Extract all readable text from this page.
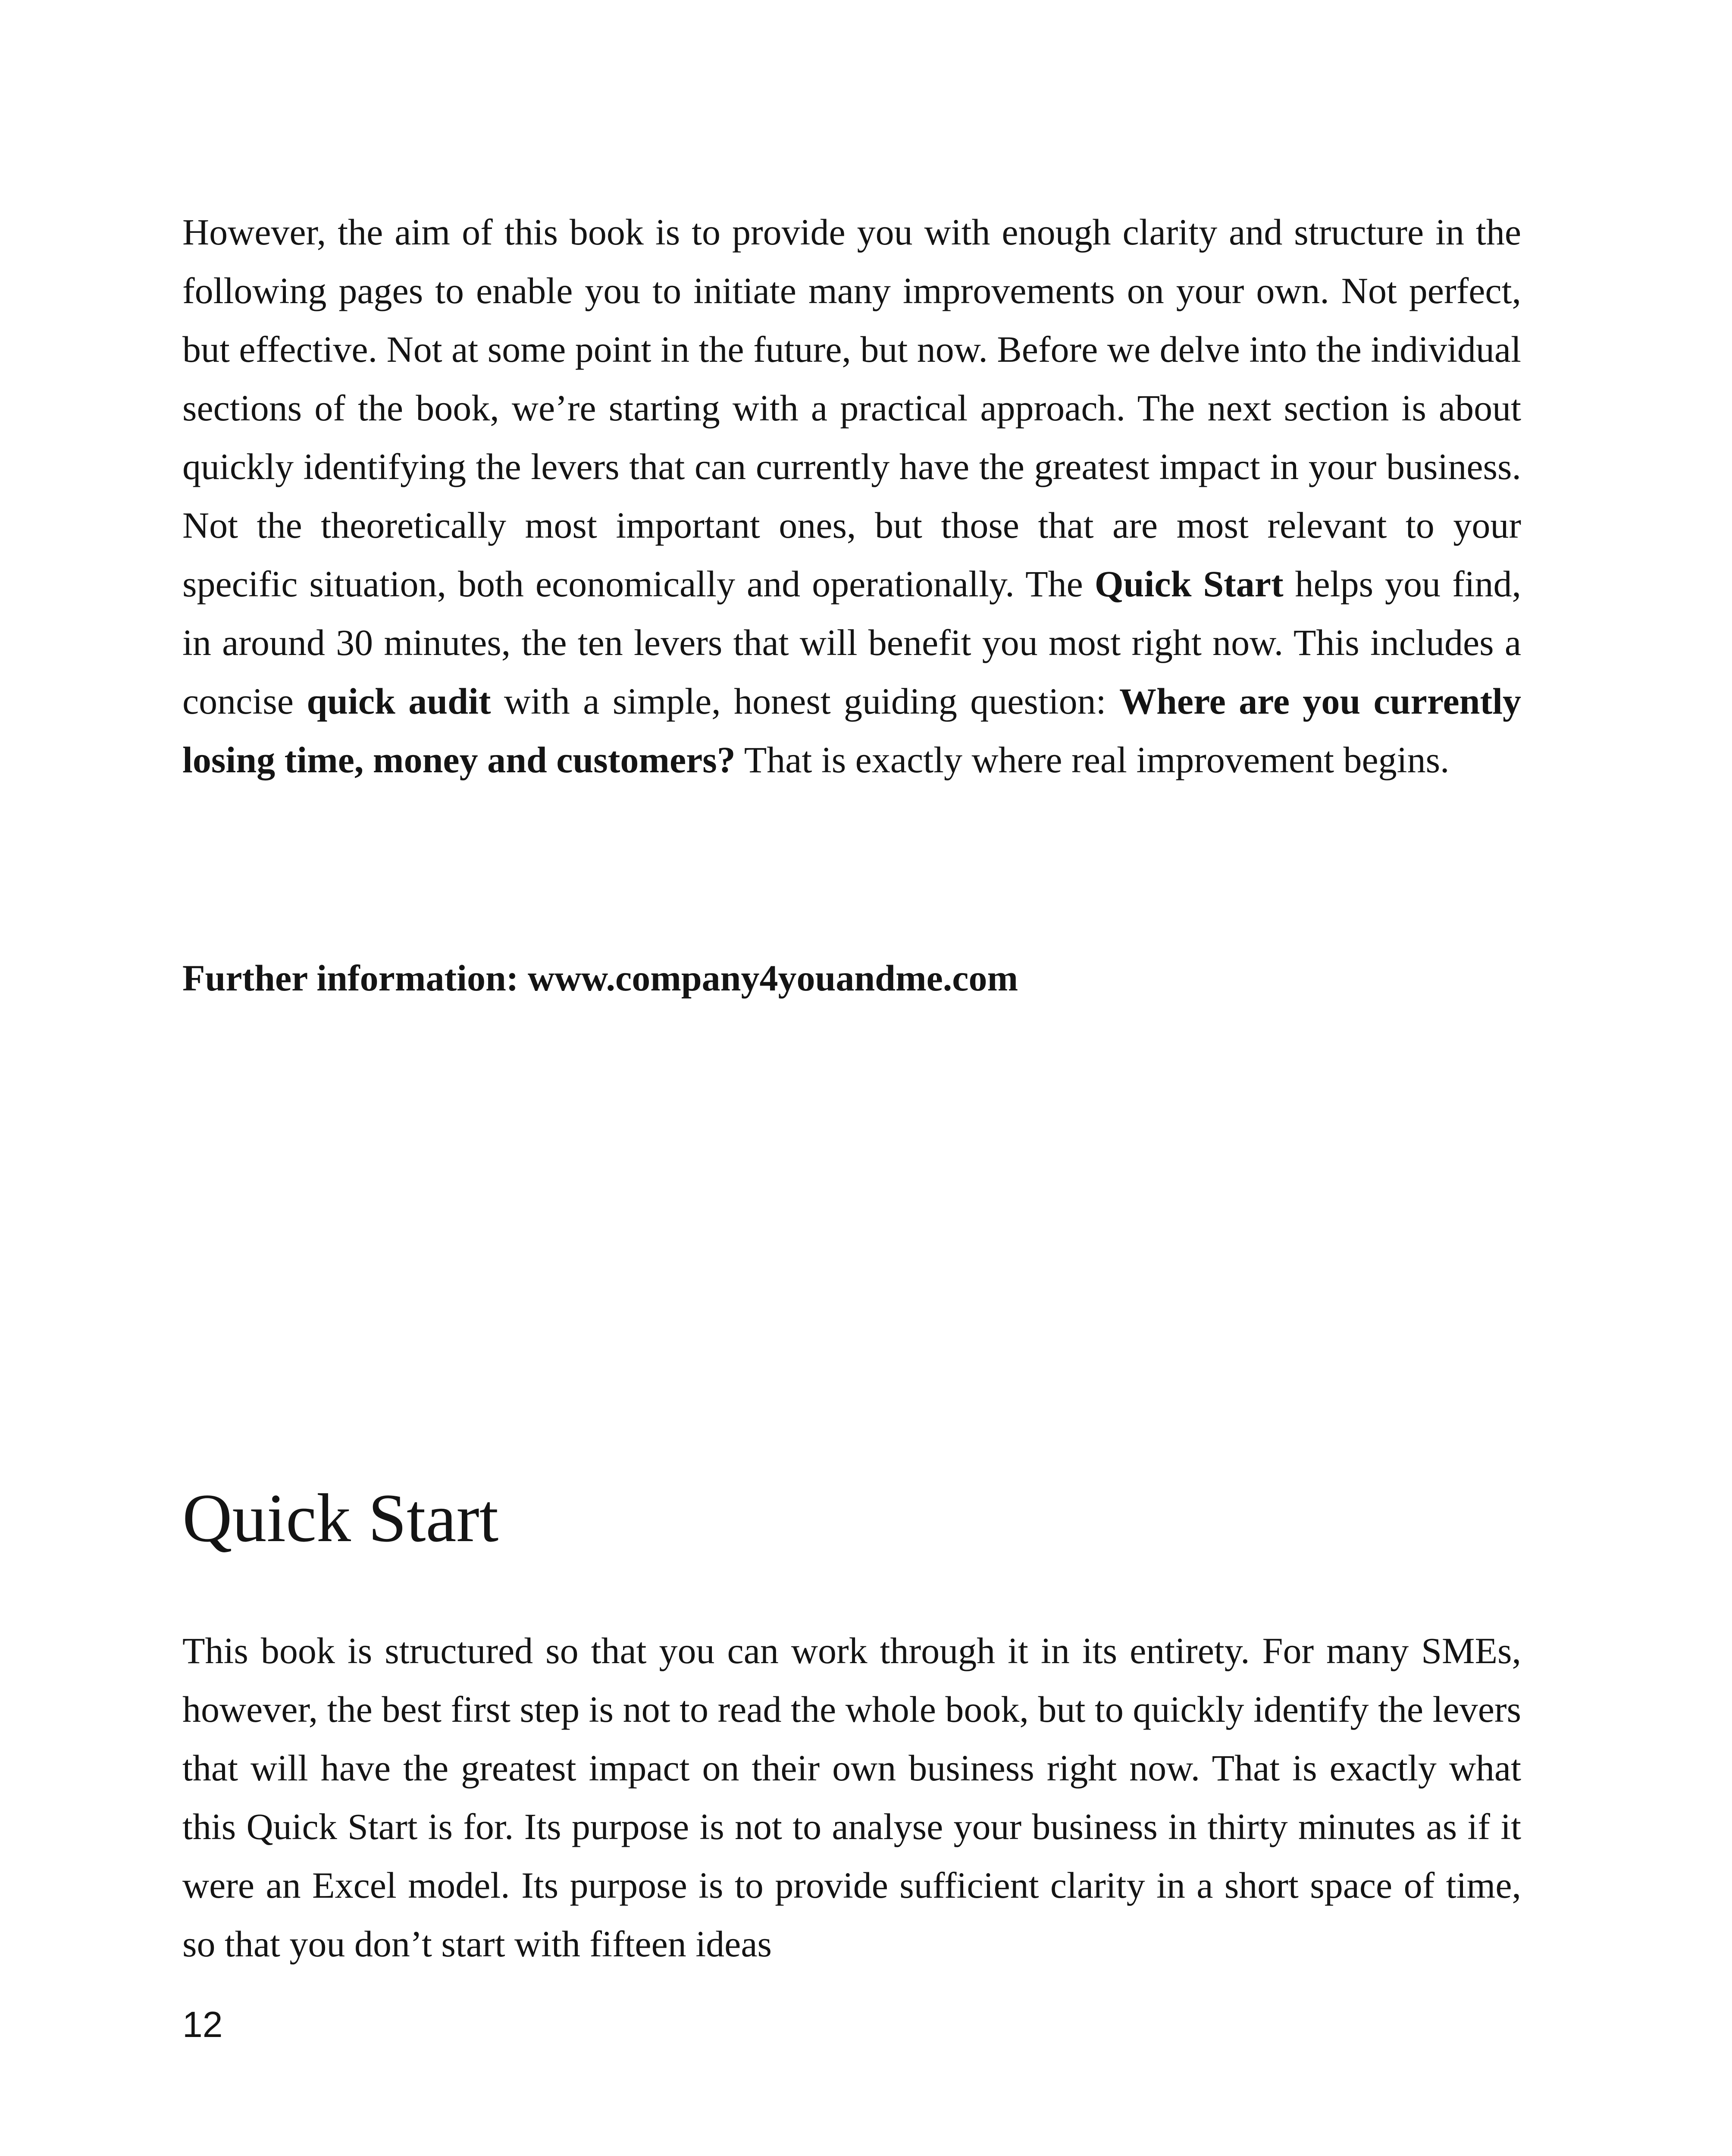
However, the aim of this book is to provide you with enough clarity and structure in the following pages to enable you to initiate many improvements on your own. Not perfect, but effective. Not at some point in the future, but now. Before we delve into the individual sections of the book, we’re starting with a practical approach. The next section is about quickly identifying the levers that can currently have the greatest impact in your business. Not the theoretically most important ones, but those that are most relevant to your specific situation, both economically and operationally. The Quick Start helps you find, in around 30 minutes, the ten levers that will benefit you most right now. This includes a concise quick audit with a simple, honest guiding question: Where are you currently losing time, money and customers? That is exactly where real improvement begins.

Further information: www.company4youandme.com

Quick Start

This book is structured so that you can work through it in its entirety. For many SMEs, however, the best first step is not to read the whole book, but to quickly identify the levers that will have the greatest impact on their own business right now. That is exactly what this Quick Start is for. Its purpose is not to analyse your business in thirty minutes as if it were an Excel model. Its purpose is to provide sufficient clarity in a short space of time, so that you don’t start with fifteen ideas

12
